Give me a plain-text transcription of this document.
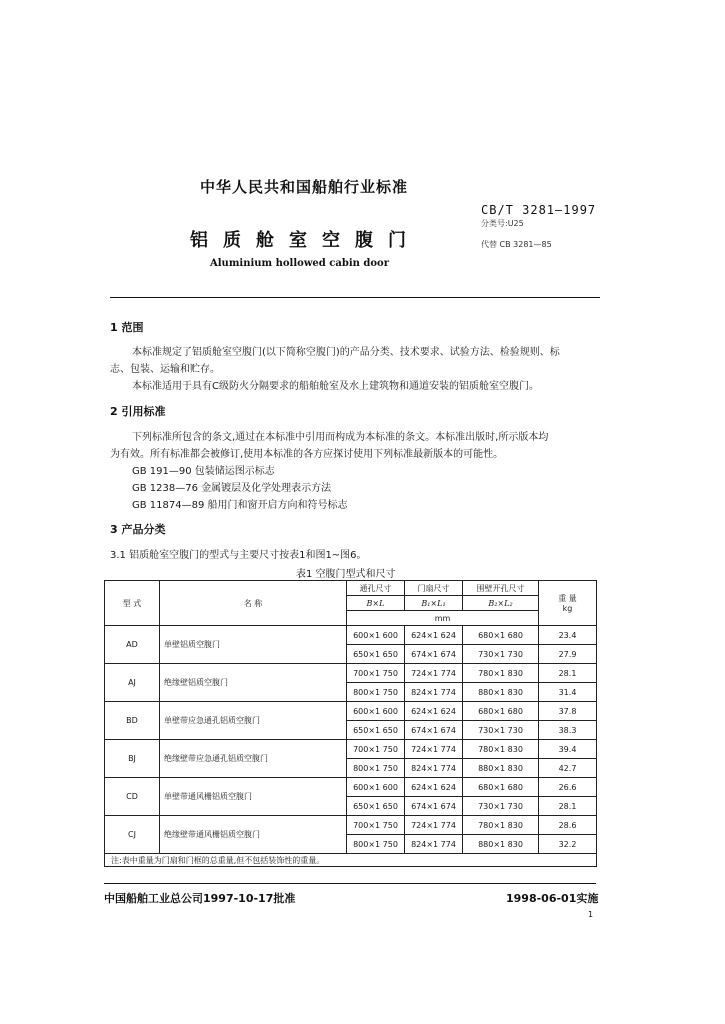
中华人民共和国船舶行业标准
铝质舱室空腹门
Aluminium hollowed cabin door
CB/T 3281—1997
分类号:U25
代替 CB 3281—85
1 范围
本标准规定了铝质舱室空腹门(以下简称空腹门)的产品分类、技术要求、试验方法、检验规则、标
志、包装、运输和贮存。
本标准适用于具有C级防火分隔要求的船舶舱室及水上建筑物和通道安装的铝质舱室空腹门。
2 引用标准
下列标准所包含的条文,通过在本标准中引用而构成为本标准的条文。本标准出版时,所示版本均
为有效。所有标准都会被修订,使用本标准的各方应探讨使用下列标准最新版本的可能性。
GB 191—90 包装储运图示标志
GB 1238—76 金属镀层及化学处理表示方法
GB 11874—89 船用门和窗开启方向和符号标志
3 产品分类
3.1 铝质舱室空腹门的型式与主要尺寸按表1和图1~图6。
表1 空腹门型式和尺寸
型 式	名 称	通孔尺寸	门扇尺寸	围壁开孔尺寸	重 量
kg

		B×L	B₁×L₁	B₂×L₂	
		mm			
AD	单壁铝质空腹门	600×1 600	624×1 624	680×1 680	23.4
		650×1 650	674×1 674	730×1 730	27.9
AJ	绝缘壁铝质空腹门	700×1 750	724×1 774	780×1 830	28.1
		800×1 750	824×1 774	880×1 830	31.4
BD	单壁带应急通孔铝质空腹门	600×1 600	624×1 624	680×1 680	37.8
		650×1 650	674×1 674	730×1 730	38.3
BJ	绝缘壁带应急通孔铝质空腹门	700×1 750	724×1 774	780×1 830	39.4
		800×1 750	824×1 774	880×1 830	42.7
CD	单壁带通风栅铝质空腹门	600×1 600	624×1 624	680×1 680	26.6
		650×1 650	674×1 674	730×1 730	28.1
CJ	绝缘壁带通风栅铝质空腹门	700×1 750	724×1 774	780×1 830	28.6
		800×1 750	824×1 774	880×1 830	32.2
注:表中重量为门扇和门框的总重量,但不包括装饰性的重量。					
中国船舶工业总公司1997-10-17批准	1998-06-01实施
1
